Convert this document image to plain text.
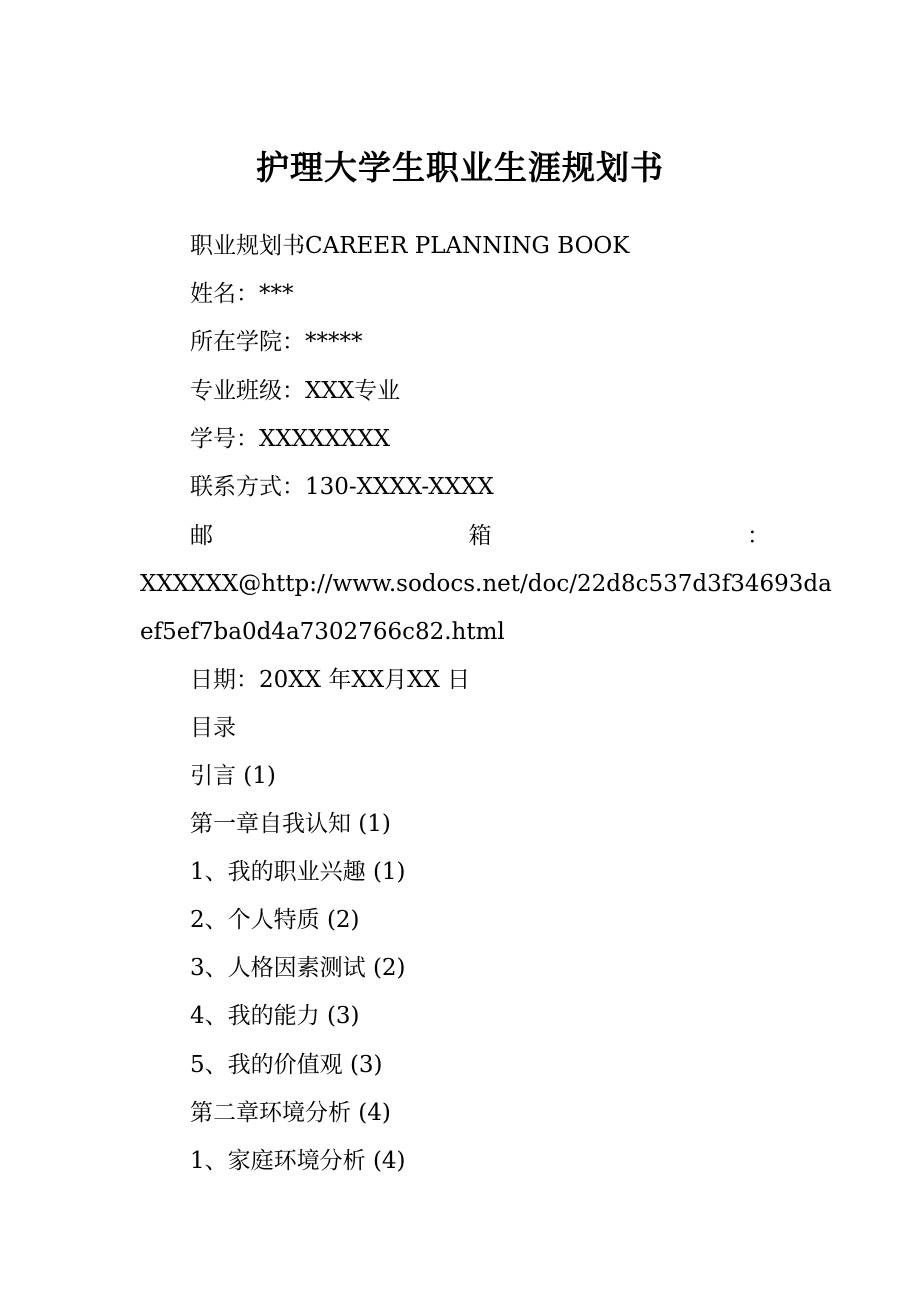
护理大学生职业生涯规划书
职业规划书CAREER PLANNING BOOK
姓名：***
所在学院：*****
专业班级：XXX专业
学号：XXXXXXXX
联系方式：130-XXXX-XXXX
邮	箱	：
XXXXXX@http://www.sodocs.net/doc/22d8c537d3f34693da
ef5ef7ba0d4a7302766c82.html
日期：20XX 年XX月XX 日
目录
引言 (1)
第一章自我认知 (1)
1、我的职业兴趣 (1)
2、个人特质 (2)
3、人格因素测试 (2)
4、我的能力 (3)
5、我的价值观 (3)
第二章环境分析 (4)
1、家庭环境分析 (4)
